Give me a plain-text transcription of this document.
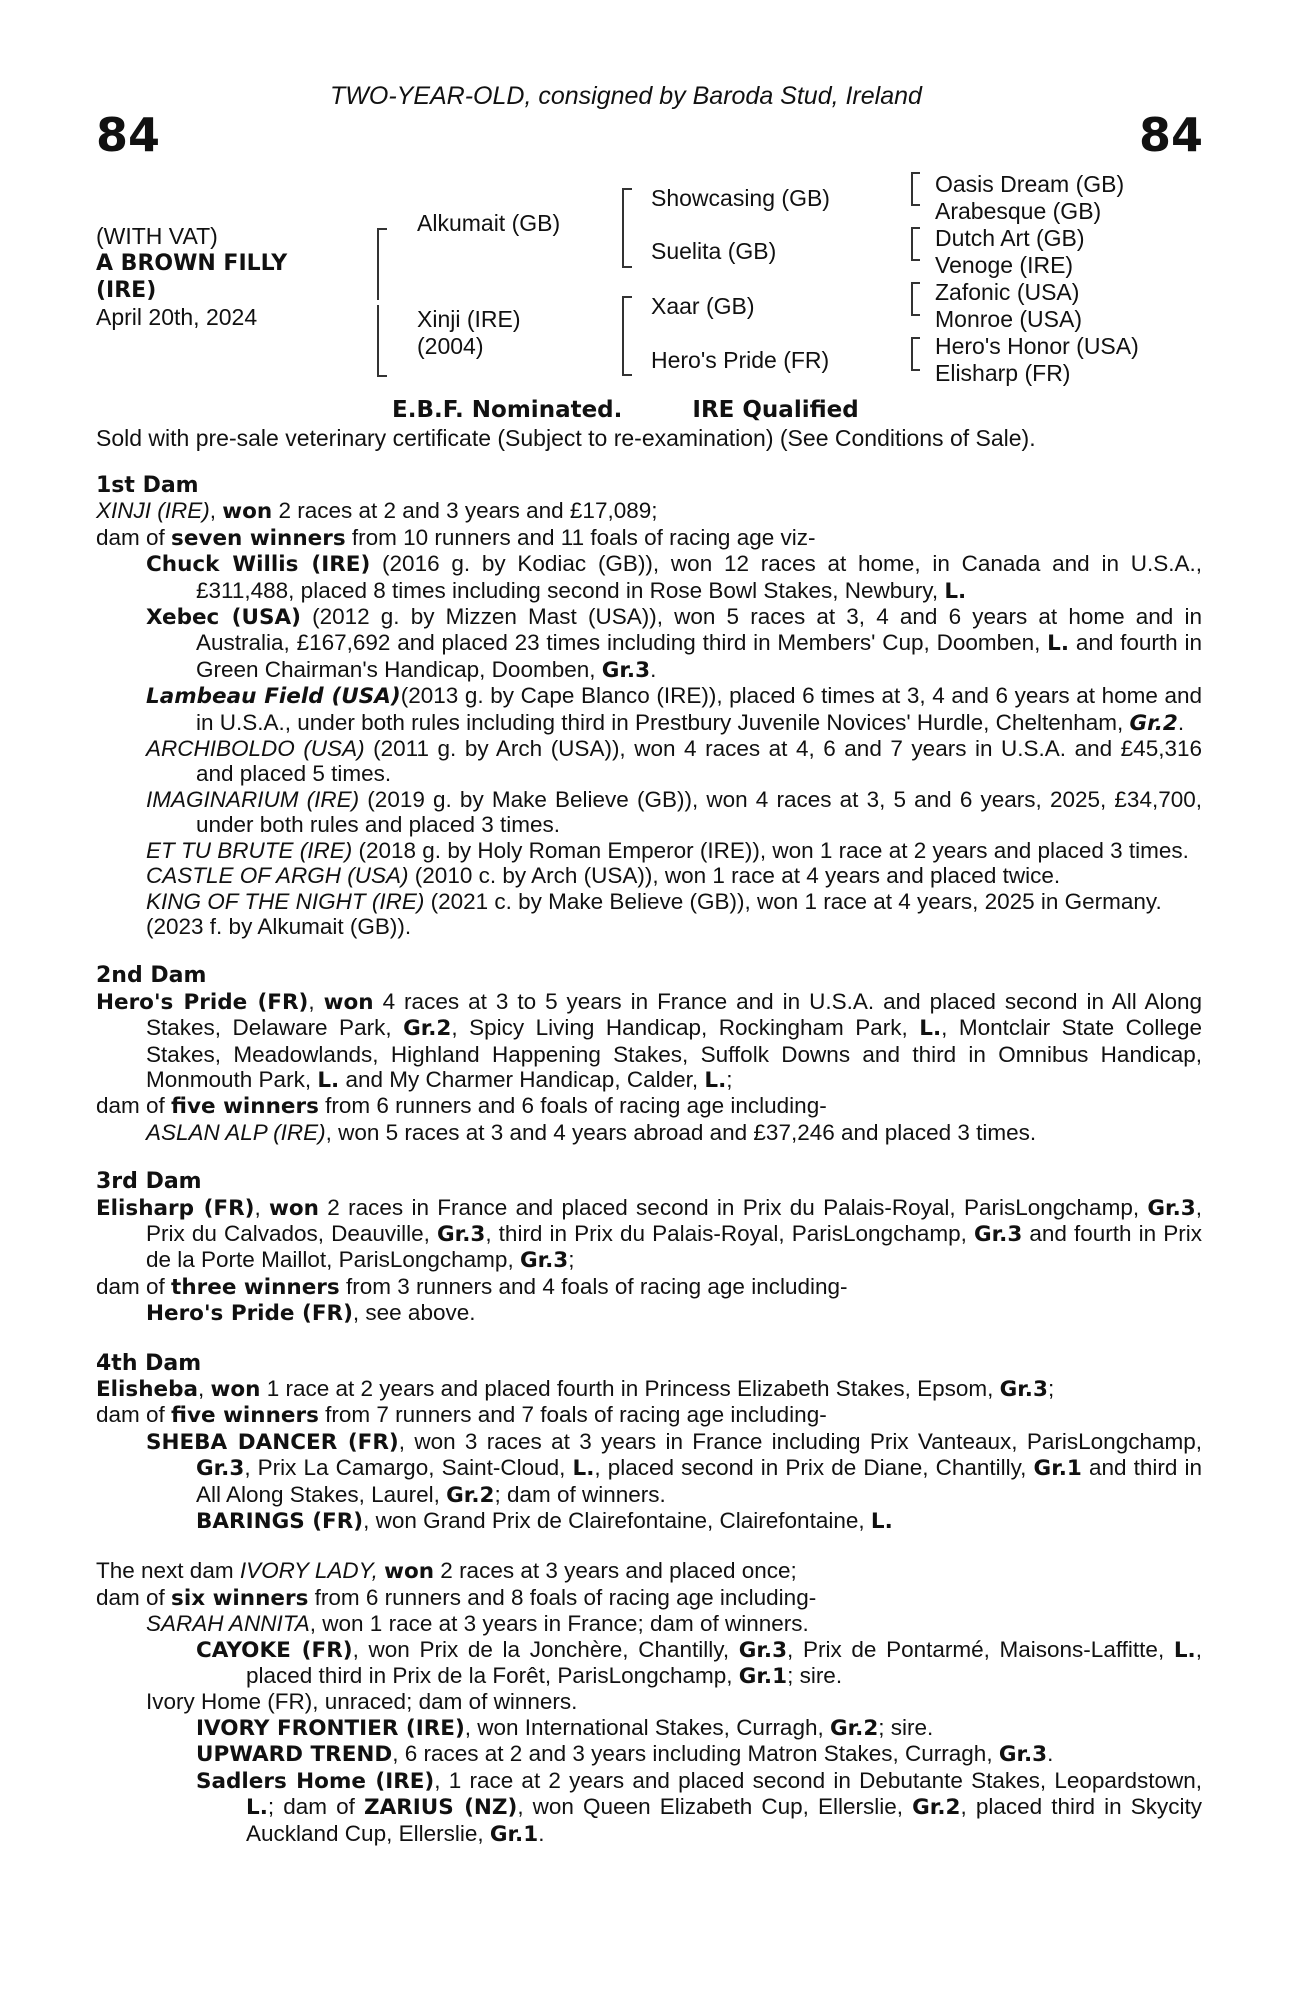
TWO-YEAR-OLD, consigned by Baroda Stud, Ireland
84	84
(WITH VAT)
A BROWN FILLY
(IRE)
April 20th, 2024
Alkumait (GB)
Xinji (IRE)
(2004)
Showcasing (GB)
Suelita (GB)
Xaar (GB)
Hero's Pride (FR)
Oasis Dream (GB)
Arabesque (GB)
Dutch Art (GB)
Venoge (IRE)
Zafonic (USA)
Monroe (USA)
Hero's Honor (USA)
Elisharp (FR)
E.B.F. Nominated.	IRE Qualified
Sold with pre-sale veterinary certificate (Subject to re-examination) (See Conditions of Sale).
1st Dam
XINJI (IRE), won 2 races at 2 and 3 years and £17,089;
dam of seven winners from 10 runners and 11 foals of racing age viz-
Chuck Willis (IRE) (2016 g. by Kodiac (GB)), won 12 races at home, in Canada and in U.S.A., £311,488, placed 8 times including second in Rose Bowl Stakes, Newbury, L.
Xebec (USA) (2012 g. by Mizzen Mast (USA)), won 5 races at 3, 4 and 6 years at home and in Australia, £167,692 and placed 23 times including third in Members' Cup, Doomben, L. and fourth in Green Chairman's Handicap, Doomben, Gr.3.
Lambeau Field (USA)(2013 g. by Cape Blanco (IRE)), placed 6 times at 3, 4 and 6 years at home and in U.S.A., under both rules including third in Prestbury Juvenile Novices' Hurdle, Cheltenham, Gr.2.
ARCHIBOLDO (USA) (2011 g. by Arch (USA)), won 4 races at 4, 6 and 7 years in U.S.A. and £45,316 and placed 5 times.
IMAGINARIUM (IRE) (2019 g. by Make Believe (GB)), won 4 races at 3, 5 and 6 years, 2025, £34,700, under both rules and placed 3 times.
ET TU BRUTE (IRE) (2018 g. by Holy Roman Emperor (IRE)), won 1 race at 2 years and placed 3 times.
CASTLE OF ARGH (USA) (2010 c. by Arch (USA)), won 1 race at 4 years and placed twice.
KING OF THE NIGHT (IRE) (2021 c. by Make Believe (GB)), won 1 race at 4 years, 2025 in Germany.
(2023 f. by Alkumait (GB)).
2nd Dam
Hero's Pride (FR), won 4 races at 3 to 5 years in France and in U.S.A. and placed second in All Along Stakes, Delaware Park, Gr.2, Spicy Living Handicap, Rockingham Park, L., Montclair State College Stakes, Meadowlands, Highland Happening Stakes, Suffolk Downs and third in Omnibus Handicap, Monmouth Park, L. and My Charmer Handicap, Calder, L.;
dam of five winners from 6 runners and 6 foals of racing age including-
ASLAN ALP (IRE), won 5 races at 3 and 4 years abroad and £37,246 and placed 3 times.
3rd Dam
Elisharp (FR), won 2 races in France and placed second in Prix du Palais-Royal, ParisLongchamp, Gr.3, Prix du Calvados, Deauville, Gr.3, third in Prix du Palais-Royal, ParisLongchamp, Gr.3 and fourth in Prix de la Porte Maillot, ParisLongchamp, Gr.3;
dam of three winners from 3 runners and 4 foals of racing age including-
Hero's Pride (FR), see above.
4th Dam
Elisheba, won 1 race at 2 years and placed fourth in Princess Elizabeth Stakes, Epsom, Gr.3;
dam of five winners from 7 runners and 7 foals of racing age including-
SHEBA DANCER (FR), won 3 races at 3 years in France including Prix Vanteaux, ParisLongchamp, Gr.3, Prix La Camargo, Saint-Cloud, L., placed second in Prix de Diane, Chantilly, Gr.1 and third in All Along Stakes, Laurel, Gr.2; dam of winners.
BARINGS (FR), won Grand Prix de Clairefontaine, Clairefontaine, L.
The next dam IVORY LADY, won 2 races at 3 years and placed once;
dam of six winners from 6 runners and 8 foals of racing age including-
SARAH ANNITA, won 1 race at 3 years in France; dam of winners.
CAYOKE (FR), won Prix de la Jonchère, Chantilly, Gr.3, Prix de Pontarmé, Maisons-Laffitte, L., placed third in Prix de la Forêt, ParisLongchamp, Gr.1; sire.
Ivory Home (FR), unraced; dam of winners.
IVORY FRONTIER (IRE), won International Stakes, Curragh, Gr.2; sire.
UPWARD TREND, 6 races at 2 and 3 years including Matron Stakes, Curragh, Gr.3.
Sadlers Home (IRE), 1 race at 2 years and placed second in Debutante Stakes, Leopardstown, L.; dam of ZARIUS (NZ), won Queen Elizabeth Cup, Ellerslie, Gr.2, placed third in Skycity Auckland Cup, Ellerslie, Gr.1.
